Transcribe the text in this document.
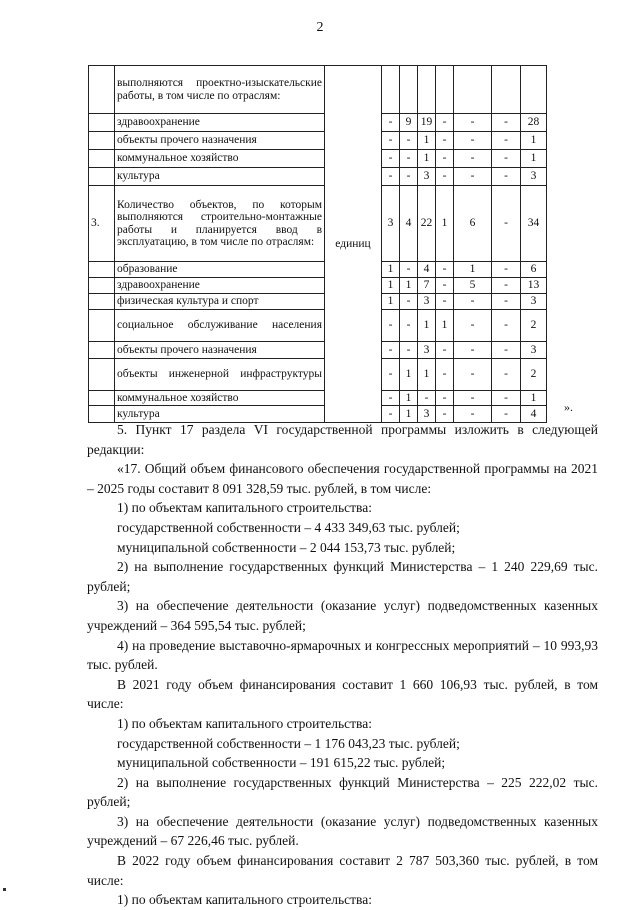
2
	выполняются проектно-изыскательские работы, в том числе по отраслям:	единиц							
	здравоохранение		-	9	19	-	-	-	28
	объекты прочего назначения		-	-	1	-	-	-	1
	коммунальное хозяйство		-	-	1	-	-	-	1
	культура		-	-	3	-	-	-	3
3.	Количество объектов, по которым выполняются строительно-монтажные работы и планируется ввод в эксплуатацию, в том числе по отраслям:		3	4	22	1	6	-	34
	образование		1	-	4	-	1	-	6
	здравоохранение		1	1	7	-	5	-	13
	физическая культура и спорт		1	-	3	-	-	-	3
	социальное обслуживание населения		-	-	1	1	-	-	2
	объекты прочего назначения		-	-	3	-	-	-	3
	объекты инженерной инфраструктуры		-	1	1	-	-	-	2
	коммунальное хозяйство		-	1	-	-	-	-	1
	культура		-	1	3	-	-	-	4 ».

5. Пункт 17 раздела VI государственной программы изложить в следующей редакции:

«17. Общий объем финансового обеспечения государственной программы на 2021 – 2025 годы составит 8 091 328,59 тыс. рублей, в том числе:

1) по объектам капитального строительства:

государственной собственности – 4 433 349,63 тыс. рублей;

муниципальной собственности – 2 044 153,73 тыс. рублей;

2) на выполнение государственных функций Министерства – 1 240 229,69 тыс. рублей;

3) на обеспечение деятельности (оказание услуг) подведомственных казенных учреждений – 364 595,54 тыс. рублей;

4) на проведение выставочно-ярмарочных и конгрессных мероприятий – 10 993,93 тыс. рублей.

В 2021 году объем финансирования составит 1 660 106,93 тыс. рублей, в том числе:

1) по объектам капитального строительства:

государственной собственности – 1 176 043,23 тыс. рублей;

муниципальной собственности – 191 615,22 тыс. рублей;

2) на выполнение государственных функций Министерства – 225 222,02 тыс. рублей;

3) на обеспечение деятельности (оказание услуг) подведомственных казенных учреждений – 67 226,46 тыс. рублей.

В 2022 году объем финансирования составит 2 787 503,360 тыс. рублей, в том числе:

1) по объектам капитального строительства:
